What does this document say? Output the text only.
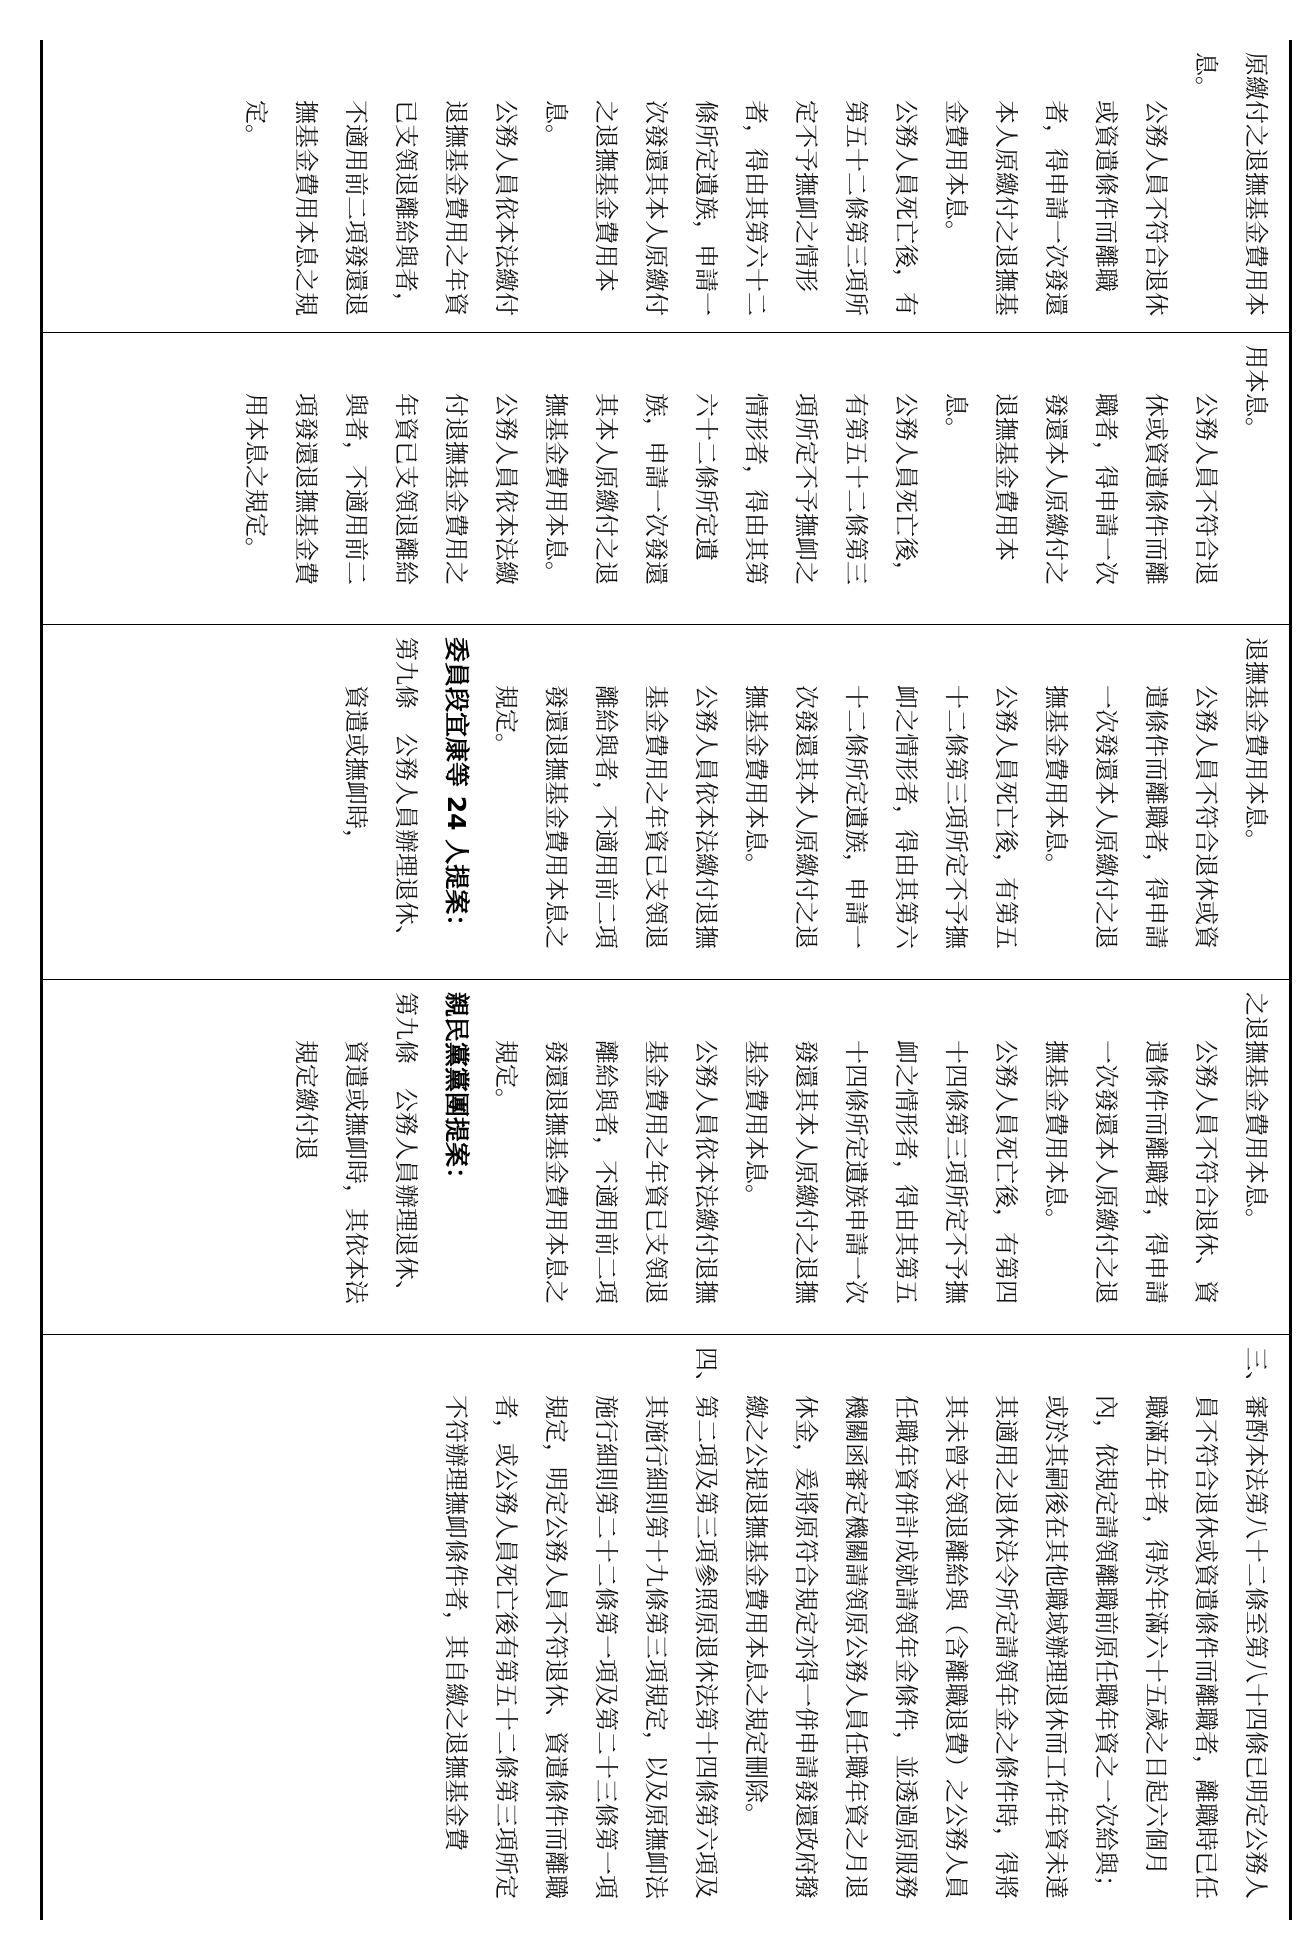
原繳付之退撫基金費用本息。

公務人員不符合退休或資遣條件而離職者，得申請一次發還本人原繳付之退撫基金費用本息。

公務人員死亡後，有第五十二條第三項所定不予撫卹之情形者，得由其第六十二條所定遺族，申請一次發還其本人原繳付之退撫基金費用本息。

公務人員依本法繳付退撫基金費用之年資已支領退離給與者，不適用前二項發還退撫基金費用本息之規定。

用本息。

公務人員不符合退休或資遣條件而離職者，得申請一次發還本人原繳付之退撫基金費用本息。

公務人員死亡後，有第五十二條第三項所定不予撫卹之情形者，得由其第六十二條所定遺族，申請一次發還其本人原繳付之退撫基金費用本息。

公務人員依本法繳付退撫基金費用之年資已支領退離給與者，不適用前二項發還退撫基金費用本息之規定。

退撫基金費用本息。

公務人員不符合退休或資遣條件而離職者，得申請一次發還本人原繳付之退撫基金費用本息。

公務人員死亡後，有第五十二條第三項所定不予撫卹之情形者，得由其第六十二條所定遺族，申請一次發還其本人原繳付之退撫基金費用本息。

公務人員依本法繳付退撫基金費用之年資已支領退離給與者，不適用前二項發還退撫基金費用本息之規定。

委員段宜康等 24 人提案：

第九條　公務人員辦理退休、資遣或撫卹時，

之退撫基金費用本息。

公務人員不符合退休、資遣條件而離職者，得申請一次發還本人原繳付之退撫基金費用本息。

公務人員死亡後，有第四十四條第三項所定不予撫卹之情形者，得由其第五十四條所定遺族申請一次發還其本人原繳付之退撫基金費用本息。

公務人員依本法繳付退撫基金費用之年資已支領退離給與者，不適用前二項發還退撫基金費用本息之規定。

親民黨黨團提案：

第九條　公務人員辦理退休、資遣或撫卹時，其依本法規定繳付退

三、審酌本法第八十二條至第八十四條已明定公務人員不符合退休或資遣條件而離職者，離職時已任職滿五年者，得於年滿六十五歲之日起六個月內，依規定請領離職前原任職年資之一次給與；或於其嗣後在其他職域辦理退休而工作年資未達其適用之退休法令所定請領年金之條件時，得將其未曾支領退離給與（含離職退費）之公務人員任職年資併計成就請領年金條件，並透過原服務機關函審定機關請領原公務人員任職年資之月退休金，爰將原符合規定亦得一併申請發還政府撥繳之公提退撫基金費用本息之規定刪除。

四、第二項及第三項參照原退休法第十四條第六項及其施行細則第十九條第三項規定，以及原撫卹法施行細則第二十二條第一項及第二十三條第一項規定，明定公務人員不符退休、資遣條件而離職者，或公務人員死亡後有第五十二條第三項所定不符辦理撫卹條件者，其自繳之退撫基金費
